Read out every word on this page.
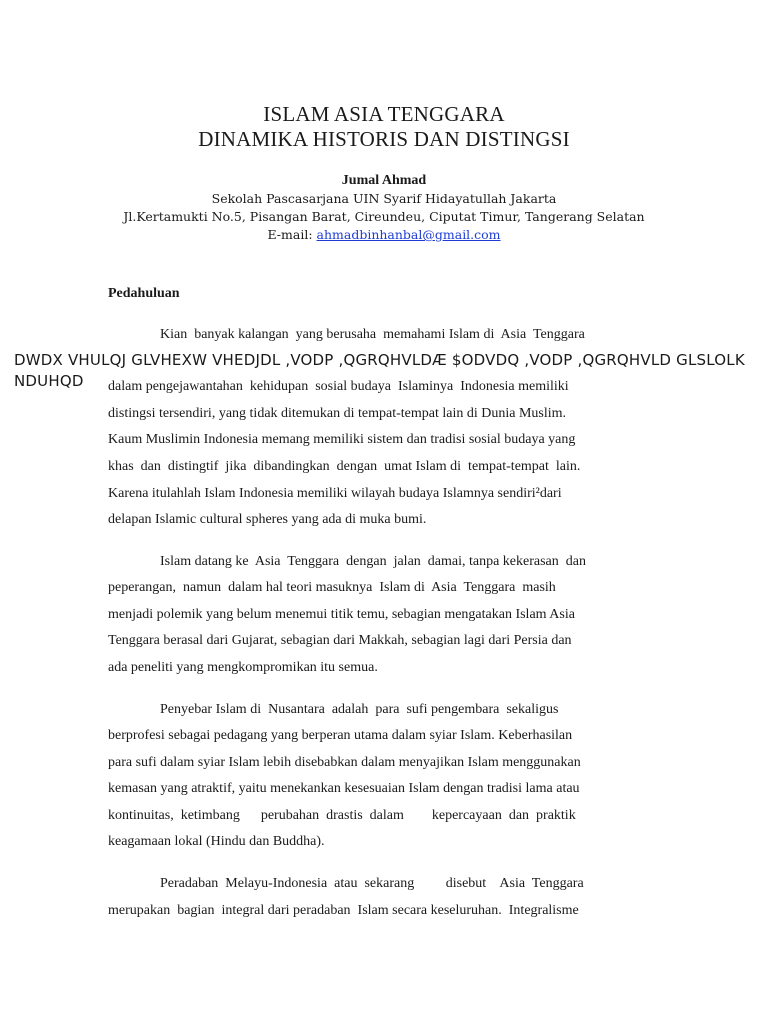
ISLAM ASIA TENGGARA
DINAMIKA HISTORIS DAN DISTINGSI
Jumal Ahmad
Sekolah Pascasarjana UIN Syarif Hidayatullah Jakarta
Jl.Kertamukti No.5, Pisangan Barat, Cireundeu, Ciputat Timur, Tangerang Selatan
E-mail: ahmadbinhanbal@gmail.com
Pedahuluan

Kian  banyak kalangan  yang berusaha  memahami Islam di  Asia  Tenggara

DWDX VHULQJ GLVHEXW VHEDJDL ,VODP ,QGRQHVLDÆ $ODVDQ ,VODP ,QGRQHVLD GLSLOLK
NDUHQD dalam pengejawantahan  kehidupan  sosial budaya  Islaminya  Indonesia memiliki

distingsi tersendiri, yang tidak ditemukan di tempat-tempat lain di Dunia Muslim.

Kaum Muslimin Indonesia memang memiliki sistem dan tradisi sosial budaya yang

khas  dan  distingtif  jika  dibandingkan  dengan  umat Islam di  tempat-tempat  lain.

Karena itulahlah Islam Indonesia memiliki wilayah budaya Islamnya sendiri²dari

delapan Islamic cultural spheres yang ada di muka bumi.

Islam datang ke  Asia  Tenggara  dengan  jalan  damai, tanpa kekerasan  dan

peperangan,  namun  dalam hal teori masuknya  Islam di  Asia  Tenggara  masih

menjadi polemik yang belum menemui titik temu, sebagian mengatakan Islam Asia

Tenggara berasal dari Gujarat, sebagian dari Makkah, sebagian lagi dari Persia dan

ada peneliti yang mengkompromikan itu semua.

Penyebar Islam di  Nusantara  adalah  para  sufi pengembara  sekaligus

berprofesi sebagai pedagang yang berperan utama dalam syiar Islam. Keberhasilan

para sufi dalam syiar Islam lebih disebabkan dalam menyajikan Islam menggunakan

kemasan yang atraktif, yaitu menekankan kesesuaian Islam dengan tradisi lama atau

kontinuitas,  ketimbang      perubahan  drastis  dalam        kepercayaan  dan  praktik

keagamaan lokal (Hindu dan Buddha).

Peradaban  Melayu-Indonesia  atau  sekarang         disebut    Asia  Tenggara

merupakan  bagian  integral dari peradaban  Islam secara keseluruhan.  Integralisme
